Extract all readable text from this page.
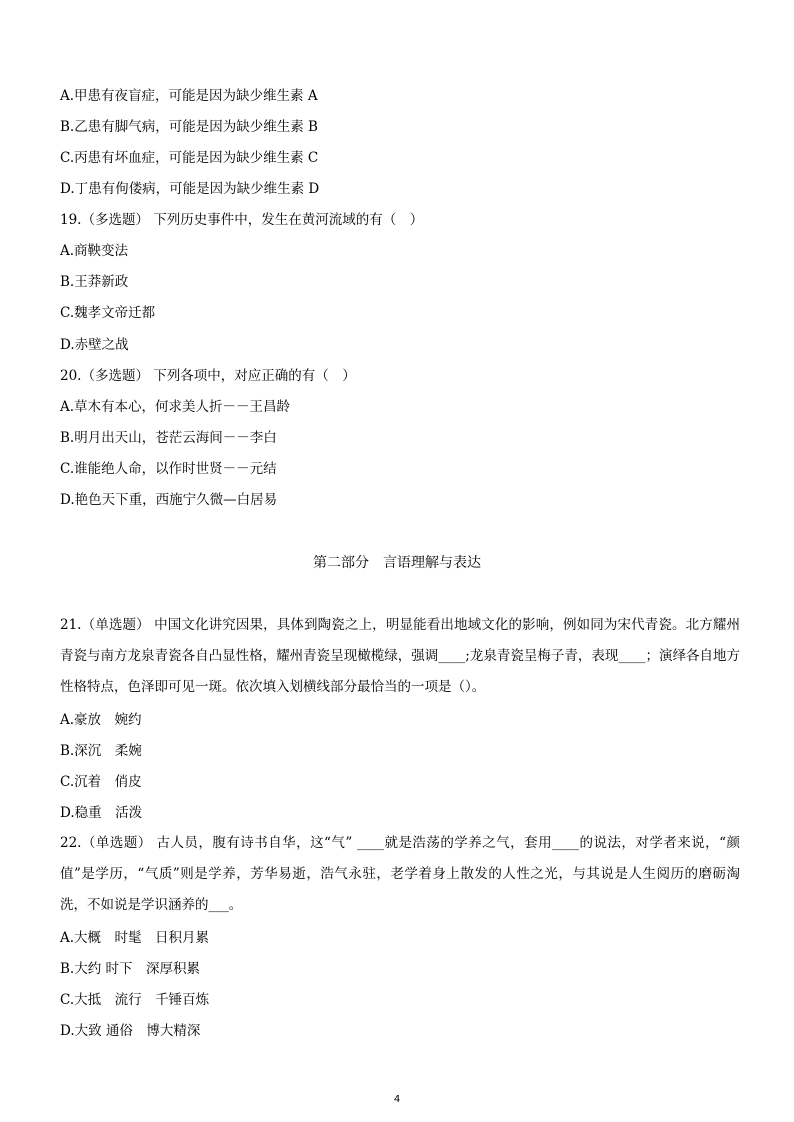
A.甲患有夜盲症，可能是因为缺少维生素 A
B.乙患有脚气病，可能是因为缺少维生素 B
C.丙患有坏血症，可能是因为缺少维生素 C
D.丁患有佝偻病，可能是因为缺少维生素 D
19.（多选题） 下列历史事件中，发生在黄河流域的有（　）
A.商鞅变法
B.王莽新政
C.魏孝文帝迁都
D.赤壁之战
20.（多选题） 下列各项中，对应正确的有（　）
A.草木有本心，何求美人折－－王昌龄
B.明月出天山，苍茫云海间－－李白
C.谁能绝人命，以作时世贤－－元结
D.艳色天下重，西施宁久微—白居易
第二部分　言语理解与表达
21.（单选题） 中国文化讲究因果，具体到陶瓷之上，明显能看出地域文化的影响，例如同为宋代青瓷。北方耀州青瓷与南方龙泉青瓷各自凸显性格，耀州青瓷呈现橄榄绿，强调____;龙泉青瓷呈梅子青，表现____；演绎各自地方性格特点，色泽即可见一斑。依次填入划横线部分最恰当的一项是（）。
A.豪放　婉约
B.深沉　柔婉
C.沉着　俏皮
D.稳重　活泼
22.（单选题） 古人员，腹有诗书自华，这“气” ____就是浩荡的学养之气，套用____的说法，对学者来说，“颜值”是学历，“气质”则是学养，芳华易逝，浩气永驻，老学着身上散发的人性之光，与其说是人生阅历的磨砺淘洗，不如说是学识涵养的___。
A.大概　时髦　日积月累
B.大约 时下　深厚积累
C.大抵　流行　千锤百炼
D.大致 通俗　博大精深
4
